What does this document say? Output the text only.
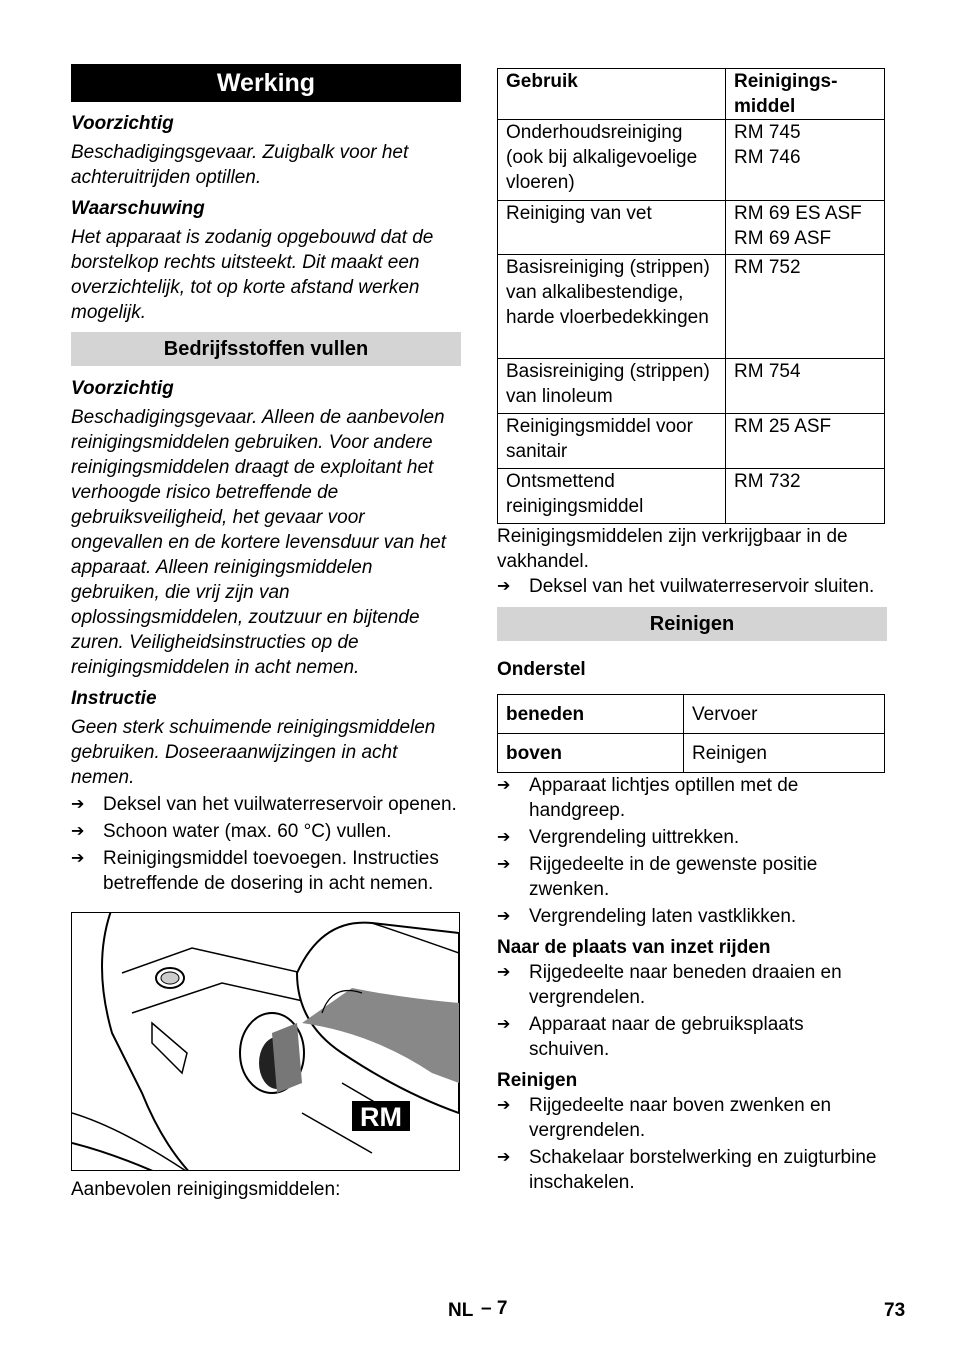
Werking

Voorzichtig

Beschadigingsgevaar. Zuigbalk voor het achteruitrijden optillen.

Waarschuwing

Het apparaat is zodanig opgebouwd dat de borstelkop rechts uitsteekt. Dit maakt een overzichtelijk, tot op korte afstand werken mogelijk.

Bedrijfsstoffen vullen

Voorzichtig

Beschadigingsgevaar. Alleen de aanbevolen reinigingsmiddelen gebruiken. Voor andere reinigingsmiddelen draagt de exploitant het verhoogde risico betreffende de gebruiksveiligheid, het gevaar voor ongevallen en de kortere levensduur van het apparaat. Alleen reinigingsmiddelen gebruiken, die vrij zijn van oplossingsmiddelen, zoutzuur en bijtende zuren. Veiligheidsinstructies op de reinigingsmiddelen in acht nemen.

Instructie

Geen sterk schuimende reinigingsmiddelen gebruiken. Doseeraanwijzingen in acht nemen.

➔ Deksel van het vuilwaterreservoir openen.
➔ Schoon water (max. 60 °C) vullen.
➔ Reinigingsmiddel toevoegen. Instructies betreffende de dosering in acht nemen.
RM

Aanbevolen reinigingsmiddelen:

Gebruik	Reinigings-
middel
Onderhoudsreiniging (ook bij alkaligevoelige vloeren)	RM 745
RM 746
Reiniging van vet	RM 69 ES ASF
RM 69 ASF
Basisreiniging (strippen) van alkalibestendige, harde vloerbedekkingen	RM 752
Basisreiniging (strippen) van linoleum	RM 754
Reinigingsmiddel voor sanitair	RM 25 ASF
Ontsmettend reinigingsmiddel	RM 732

Reinigingsmiddelen zijn verkrijgbaar in de vakhandel.

➔ Deksel van het vuilwaterreservoir sluiten.
Reinigen

Onderstel

beneden	Vervoer
boven	Reinigen
➔ Apparaat lichtjes optillen met de handgreep.
➔ Vergrendeling uittrekken.
➔ Rijgedeelte in de gewenste positie zwenken.
➔ Vergrendeling laten vastklikken.

Naar de plaats van inzet rijden

➔ Rijgedeelte naar beneden draaien en vergrendelen.
➔ Apparaat naar de gebruiksplaats schuiven.

Reinigen

➔ Rijgedeelte naar boven zwenken en vergrendelen.
➔ Schakelaar borstelwerking en zuigturbine inschakelen.
NL – 7	73
